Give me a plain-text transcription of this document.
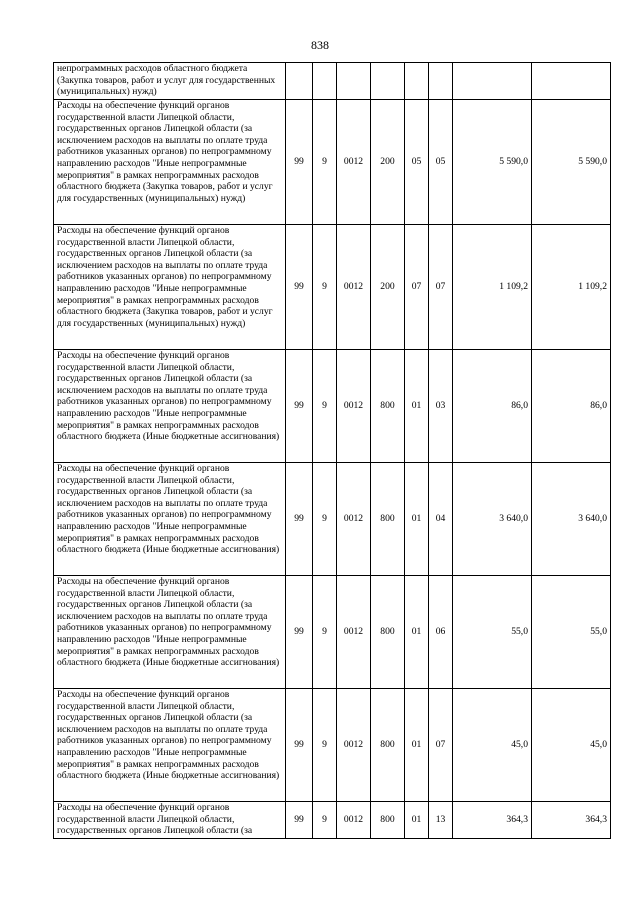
838
непрограммных расходов областного бюджета (Закупка товаров, работ и услуг для государственных (муниципальных) нужд)								
Расходы на обеспечение функций органов государственной власти Липецкой области, государственных органов Липецкой области (за исключением расходов на выплаты по оплате труда работников указанных органов) по непрограммному направлению расходов "Иные непрограммные мероприятия" в рамках непрограммных расходов областного бюджета (Закупка товаров, работ и услуг для государственных (муниципальных) нужд)	99	9	0012	200	05	05	5 590,0	5 590,0
Расходы на обеспечение функций органов государственной власти Липецкой области, государственных органов Липецкой области (за исключением расходов на выплаты по оплате труда работников указанных органов) по непрограммному направлению расходов "Иные непрограммные мероприятия" в рамках непрограммных расходов областного бюджета (Закупка товаров, работ и услуг для государственных (муниципальных) нужд)	99	9	0012	200	07	07	1 109,2	1 109,2
Расходы на обеспечение функций органов государственной власти Липецкой области, государственных органов Липецкой области (за исключением расходов на выплаты по оплате труда работников указанных органов) по непрограммному направлению расходов "Иные непрограммные мероприятия" в рамках непрограммных расходов областного бюджета (Иные бюджетные ассигнования)	99	9	0012	800	01	03	86,0	86,0
Расходы на обеспечение функций органов государственной власти Липецкой области, государственных органов Липецкой области (за исключением расходов на выплаты по оплате труда работников указанных органов) по непрограммному направлению расходов "Иные непрограммные мероприятия" в рамках непрограммных расходов областного бюджета (Иные бюджетные ассигнования)	99	9	0012	800	01	04	3 640,0	3 640,0
Расходы на обеспечение функций органов государственной власти Липецкой области, государственных органов Липецкой области (за исключением расходов на выплаты по оплате труда работников указанных органов) по непрограммному направлению расходов "Иные непрограммные мероприятия" в рамках непрограммных расходов областного бюджета (Иные бюджетные ассигнования)	99	9	0012	800	01	06	55,0	55,0
Расходы на обеспечение функций органов государственной власти Липецкой области, государственных органов Липецкой области (за исключением расходов на выплаты по оплате труда работников указанных органов) по непрограммному направлению расходов "Иные непрограммные мероприятия" в рамках непрограммных расходов областного бюджета (Иные бюджетные ассигнования)	99	9	0012	800	01	07	45,0	45,0
Расходы на обеспечение функций органов государственной власти Липецкой области, государственных органов Липецкой области (за	99	9	0012	800	01	13	364,3	364,3
